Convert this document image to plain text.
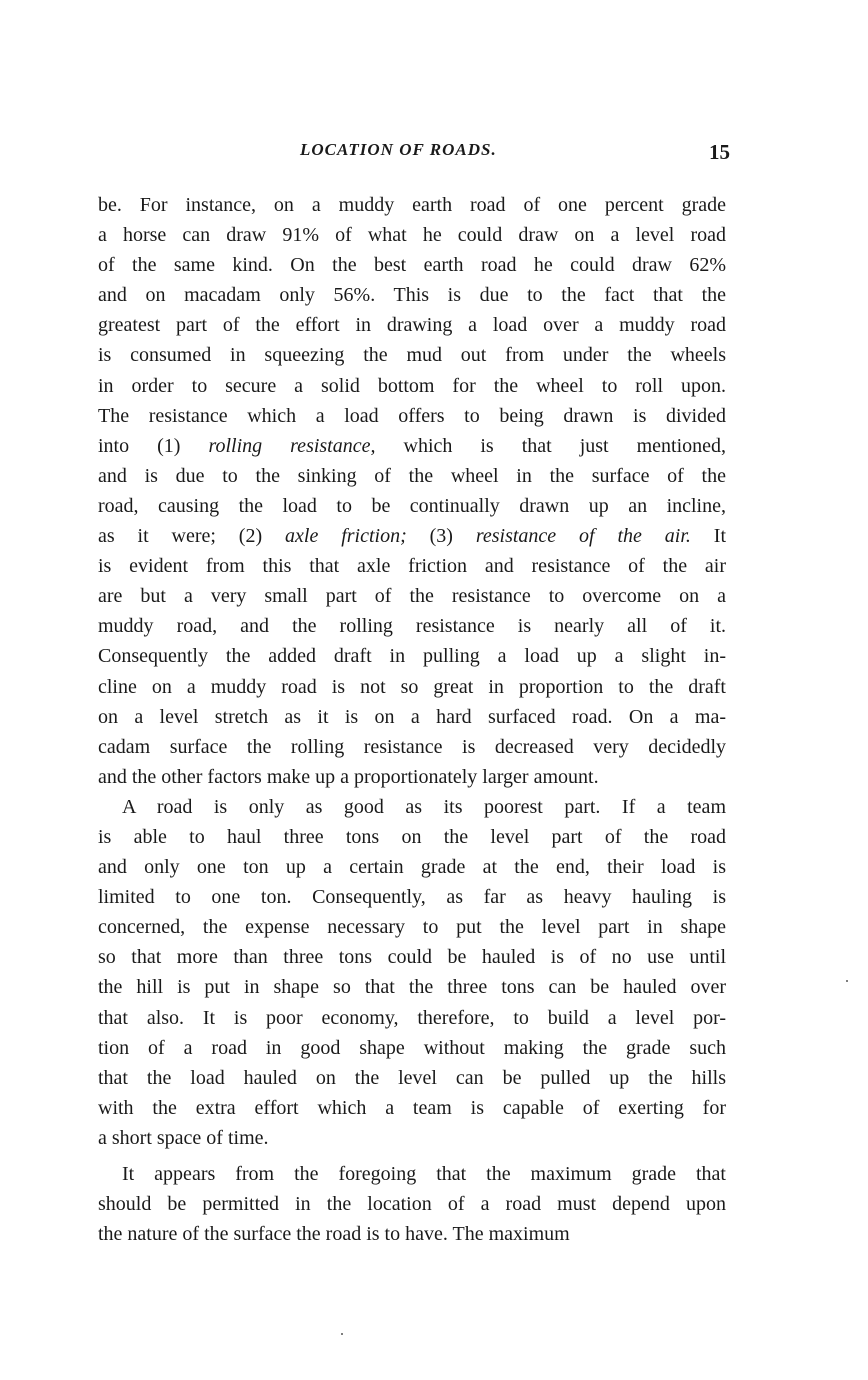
LOCATION OF ROADS.	15
be. For instance, on a muddy earth road of one percent grade
a horse can draw 91% of what he could draw on a level road
of the same kind. On the best earth road he could draw 62%
and on macadam only 56%. This is due to the fact that the
greatest part of the effort in drawing a load over a muddy road
is consumed in squeezing the mud out from under the wheels
in order to secure a solid bottom for the wheel to roll upon.
The resistance which a load offers to being drawn is divided
into (1) rolling resistance, which is that just mentioned,
and is due to the sinking of the wheel in the surface of the
road, causing the load to be continually drawn up an incline,
as it were; (2) axle friction; (3) resistance of the air. It
is evident from this that axle friction and resistance of the air
are but a very small part of the resistance to overcome on a
muddy road, and the rolling resistance is nearly all of it.
Consequently the added draft in pulling a load up a slight in-
cline on a muddy road is not so great in proportion to the draft
on a level stretch as it is on a hard surfaced road. On a ma-
cadam surface the rolling resistance is decreased very decidedly
and the other factors make up a proportionately larger amount.
A road is only as good as its poorest part. If a team
is able to haul three tons on the level part of the road
and only one ton up a certain grade at the end, their load is
limited to one ton. Consequently, as far as heavy hauling is
concerned, the expense necessary to put the level part in shape
so that more than three tons could be hauled is of no use until
the hill is put in shape so that the three tons can be hauled over
that also. It is poor economy, therefore, to build a level por-
tion of a road in good shape without making the grade such
that the load hauled on the level can be pulled up the hills
with the extra effort which a team is capable of exerting for
a short space of time.
It appears from the foregoing that the maximum grade that
should be permitted in the location of a road must depend upon
the nature of the surface the road is to have. The maximum
